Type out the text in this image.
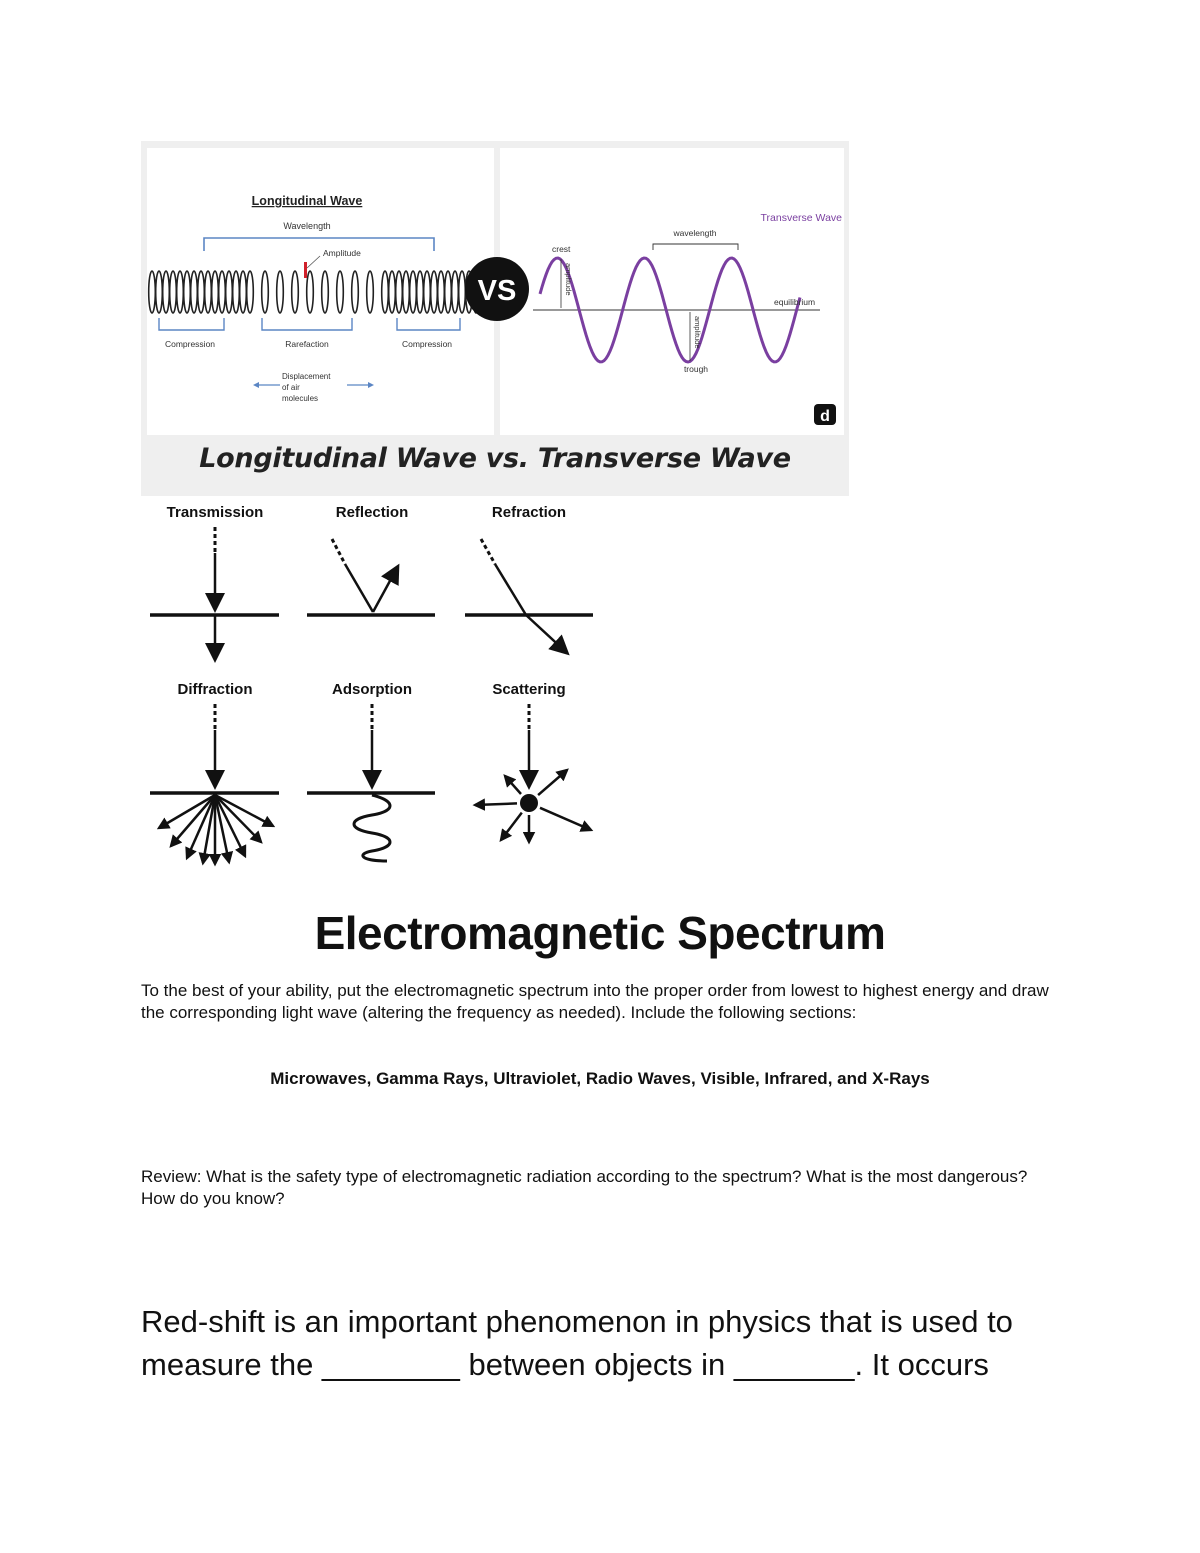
Longitudinal Wave
Wavelength
Amplitude
Compression	Rarefaction	Compression
Displacement
of air
molecules
Transverse Wave
wavelength
crest
amplitude
amplitude
equilibrium
trough
d
VS
Longitudinal Wave vs. Transverse Wave
Transmission	Reflection	Refraction
Diffraction	Adsorption	Scattering
Electromagnetic Spectrum
To the best of your ability, put the electromagnetic spectrum into the proper order from lowest to highest energy and draw the corresponding light wave (altering the frequency as needed). Include the following sections:
Microwaves, Gamma Rays, Ultraviolet, Radio Waves, Visible, Infrared, and X-Rays
Review: What is the safety type of electromagnetic radiation according to the spectrum? What is the most dangerous? How do you know?
Red-shift is an important phenomenon in physics that is used to measure the ________ between objects in _______. It occurs
